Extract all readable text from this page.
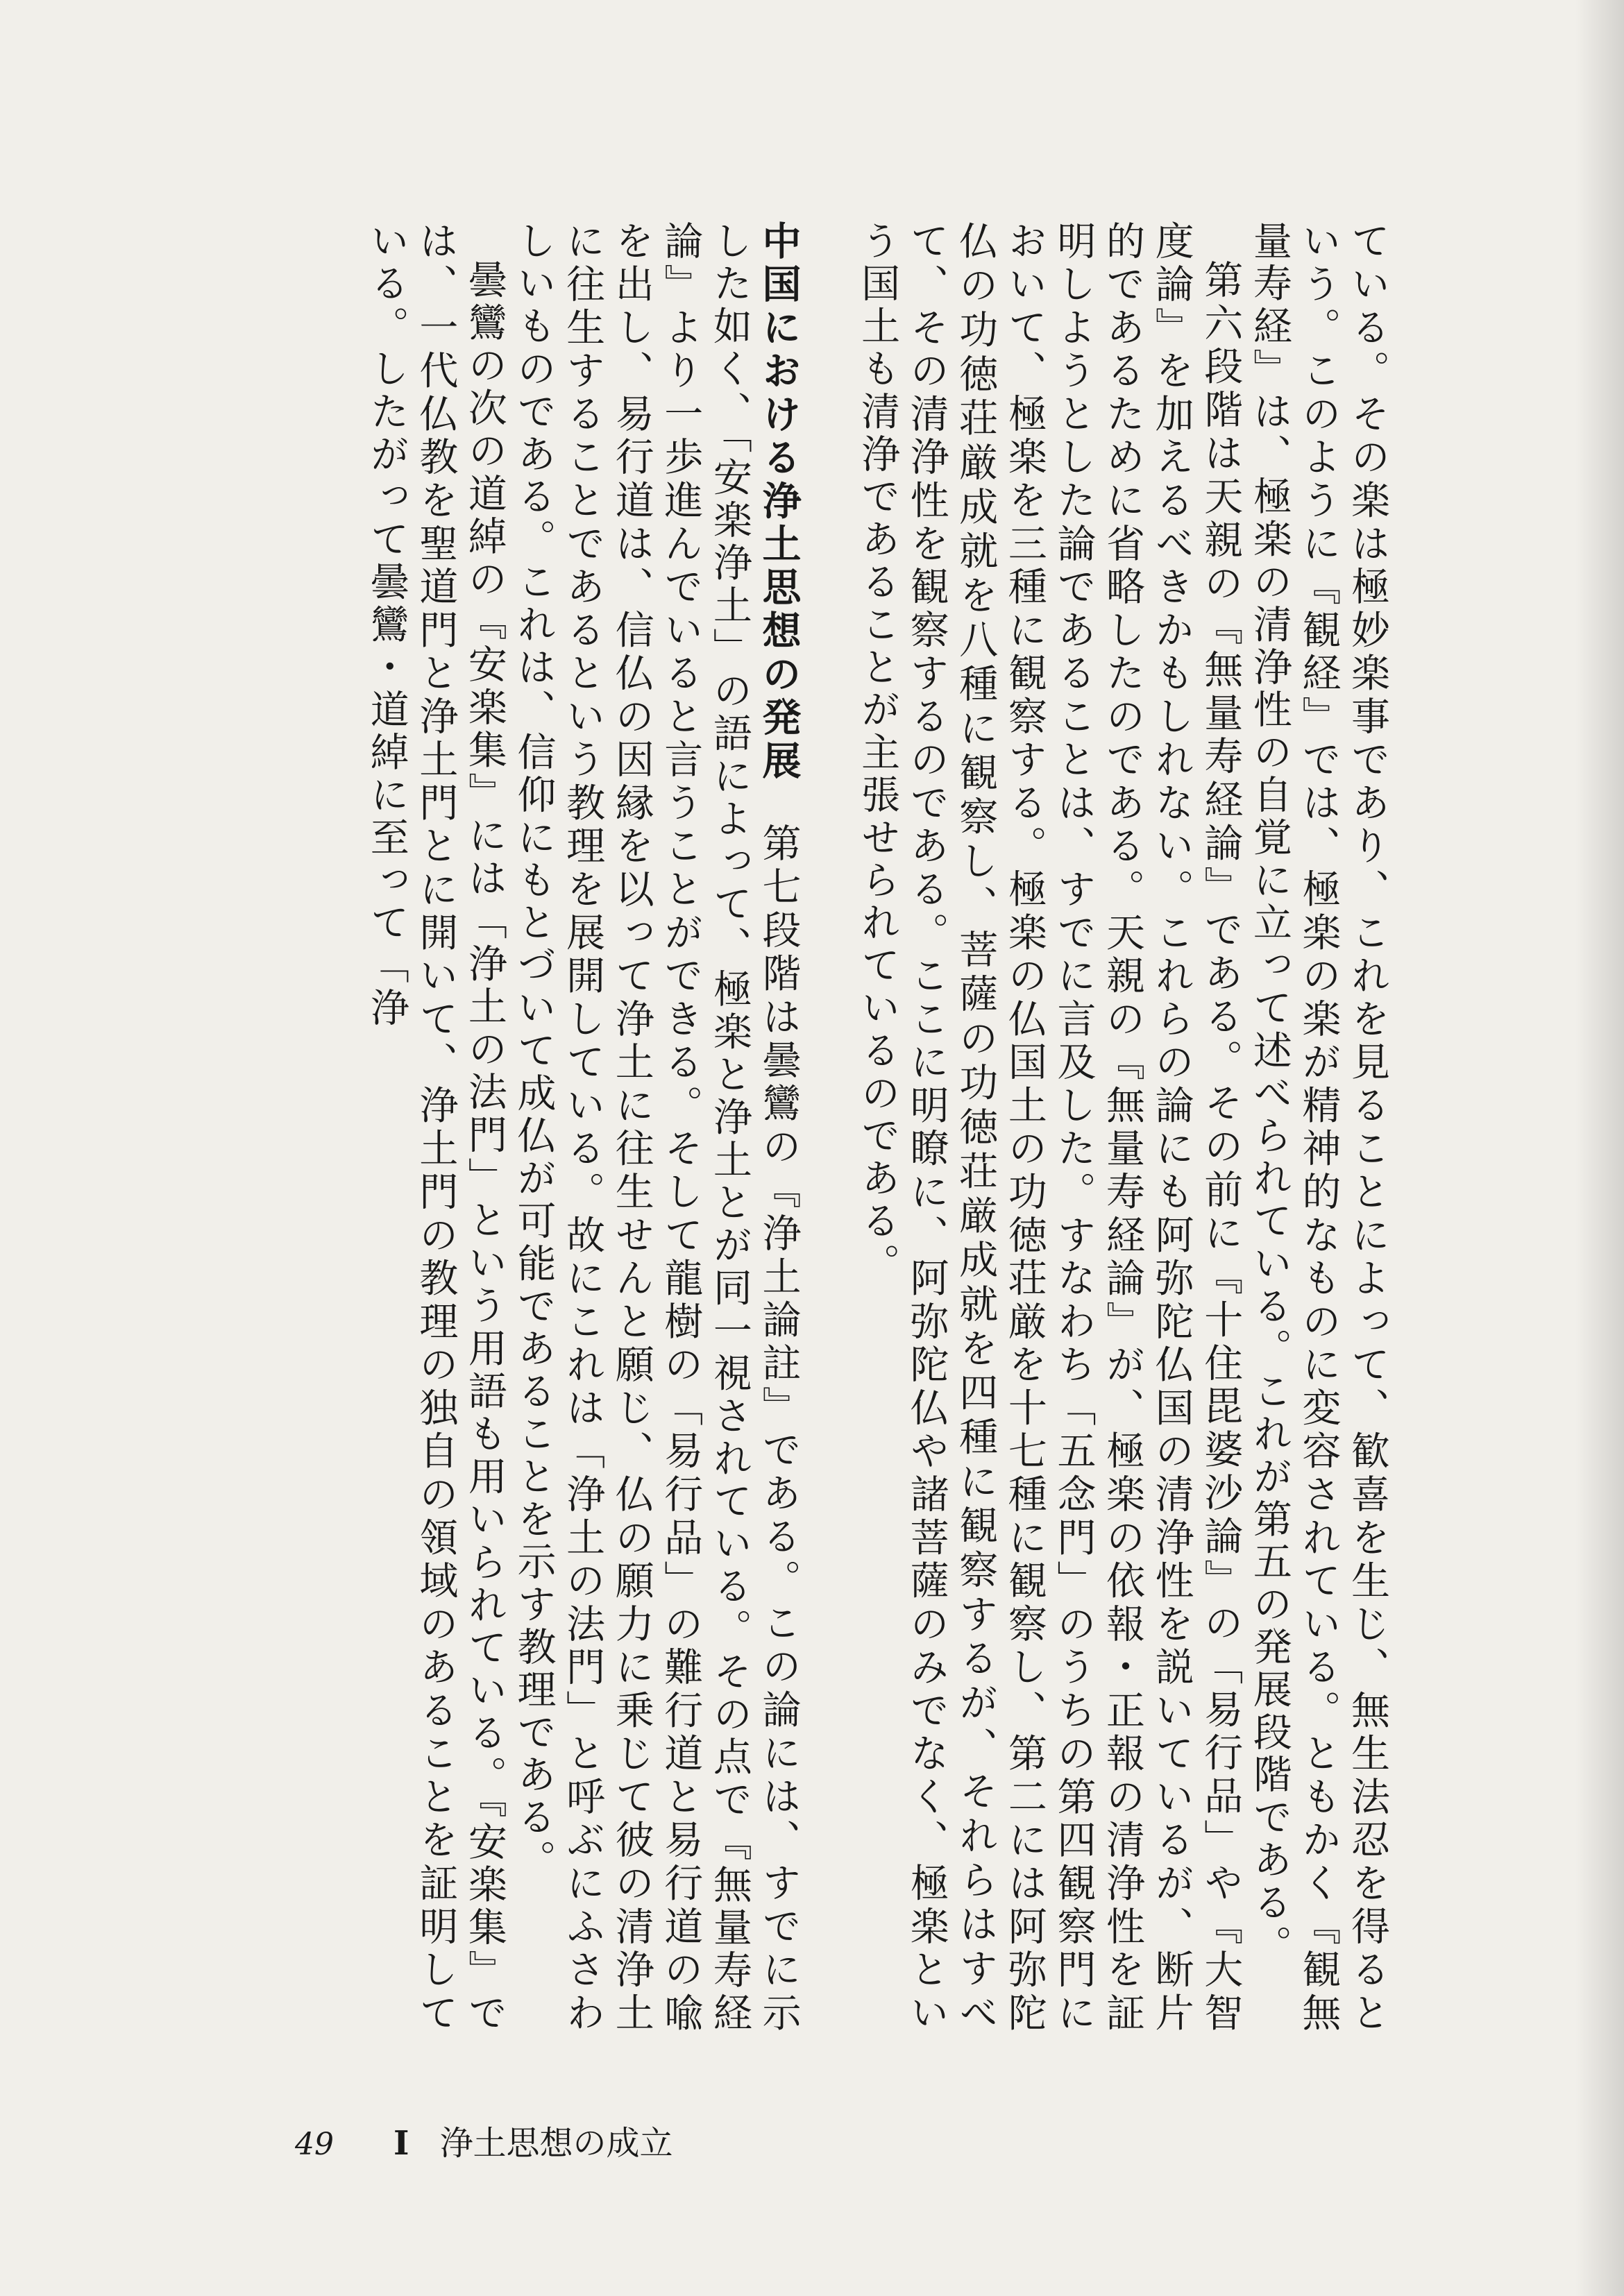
ている。その楽は極妙楽事であり、これを見ることによって、歓喜を生じ、無生法忍を得るという。このように『観経』では、極楽の楽が精神的なものに変容されている。ともかく『観無量寿経』は、極楽の清浄性の自覚に立って述べられている。これが第五の発展段階である。

第六段階は天親の『無量寿経論』である。その前に『十住毘婆沙論』の「易行品」や『大智度論』を加えるべきかもしれない。これらの論にも阿弥陀仏国の清浄性を説いているが、断片的であるために省略したのである。天親の『無量寿経論』が、極楽の依報・正報の清浄性を証明しようとした論であることは、すでに言及した。すなわち「五念門」のうちの第四観察門において、極楽を三種に観察する。極楽の仏国土の功徳荘厳を十七種に観察し、第二には阿弥陀仏の功徳荘厳成就を八種に観察し、菩薩の功徳荘厳成就を四種に観察するが、それらはすべて、その清浄性を観察するのである。ここに明瞭に、阿弥陀仏や諸菩薩のみでなく、極楽という国土も清浄であることが主張せられているのである。

中国における浄土思想の発展第七段階は曇鸞の『浄土論註』である。この論には、すでに示した如く、「安楽浄土」の語によって、極楽と浄土とが同一視されている。その点で『無量寿経論』より一歩進んでいると言うことができる。そして龍樹の「易行品」の難行道と易行道の喩を出し、易行道は、信仏の因縁を以って浄土に往生せんと願じ、仏の願力に乗じて彼の清浄土に往生することであるという教理を展開している。故にこれは「浄土の法門」と呼ぶにふさわしいものである。これは、信仰にもとづいて成仏が可能であることを示す教理である。

曇鸞の次の道綽の『安楽集』には「浄土の法門」という用語も用いられている。『安楽集』では、一代仏教を聖道門と浄土門とに開いて、浄土門の教理の独自の領域のあることを証明している。したがって曇鸞・道綽に至って「浄

49 I 浄土思想の成立
